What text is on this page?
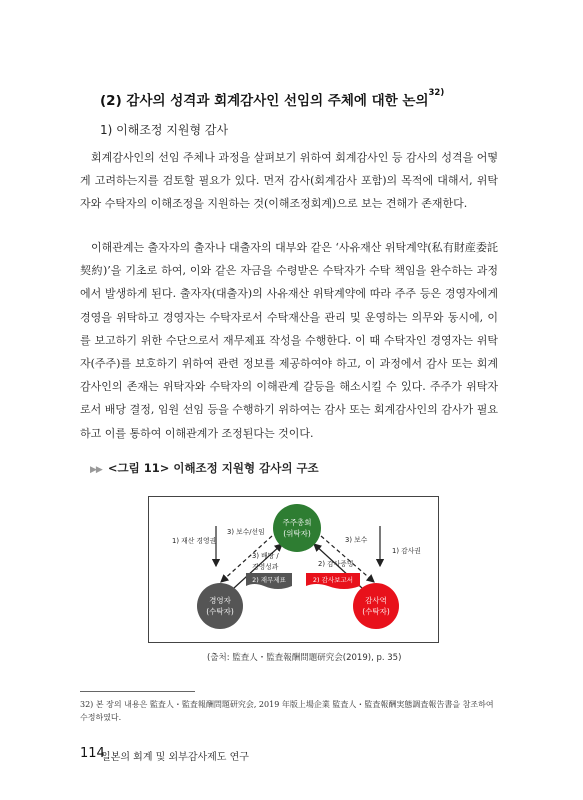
(2) 감사의 성격과 회계감사인 선임의 주체에 대한 논의$^{32)}$
1) 이해조정 지원형 감사

회계감사인의 선임 주체나 과정을 살펴보기 위하여 회계감사인 등 감사의 성격을 어떻게 고려하는지를 검토할 필요가 있다. 먼저 감사(회계감사 포함)의 목적에 대해서, 위탁자와 수탁자의 이해조정을 지원하는 것(이해조정회계)으로 보는 견해가 존재한다.

이해관계는 출자자의 출자나 대출자의 대부와 같은 ‘사유재산 위탁계약(私有財産委託契約)’을 기초로 하여, 이와 같은 자금을 수령받은 수탁자가 수탁 책임을 완수하는 과정에서 발생하게 된다. 출자자(대출자)의 사유재산 위탁계약에 따라 주주 등은 경영자에게 경영을 위탁하고 경영자는 수탁자로서 수탁재산을 관리 및 운영하는 의무와 동시에, 이를 보고하기 위한 수단으로서 재무제표 작성을 수행한다. 이 때 수탁자인 경영자는 위탁자(주주)를 보호하기 위하여 관련 정보를 제공하여야 하고, 이 과정에서 감사 또는 회계감사인의 존재는 위탁자와 수탁자의 이해관계 갈등을 해소시킬 수 있다. 주주가 위탁자로서 배당 결정, 임원 선임 등을 수행하기 위하여는 감사 또는 회계감사인의 감사가 필요하고 이를 통하여 이해관계가 조정된다는 것이다.

▶▶ <그림 11> 이해조정 지원형 감사의 구조
주주총회
(위탁자)
경영자
(수탁자)
감사역
(수탁자)
1) 재산 경영권
3) 보수/선임
3) 배당 /
경영성과
3) 보수
2) 감사증명
1) 감사권
2) 재무제표	2) 감사보고서
(출처: 監査人・監査報酬問題研究会(2019), p. 35)
32) 본 장의 내용은 監査人・監査報酬問題研究会, 2019 年版上場企業 監査人・監査報酬実態調査報告書을 참조하여 수정하였다.
114
일본의 회계 및 외부감사제도 연구
